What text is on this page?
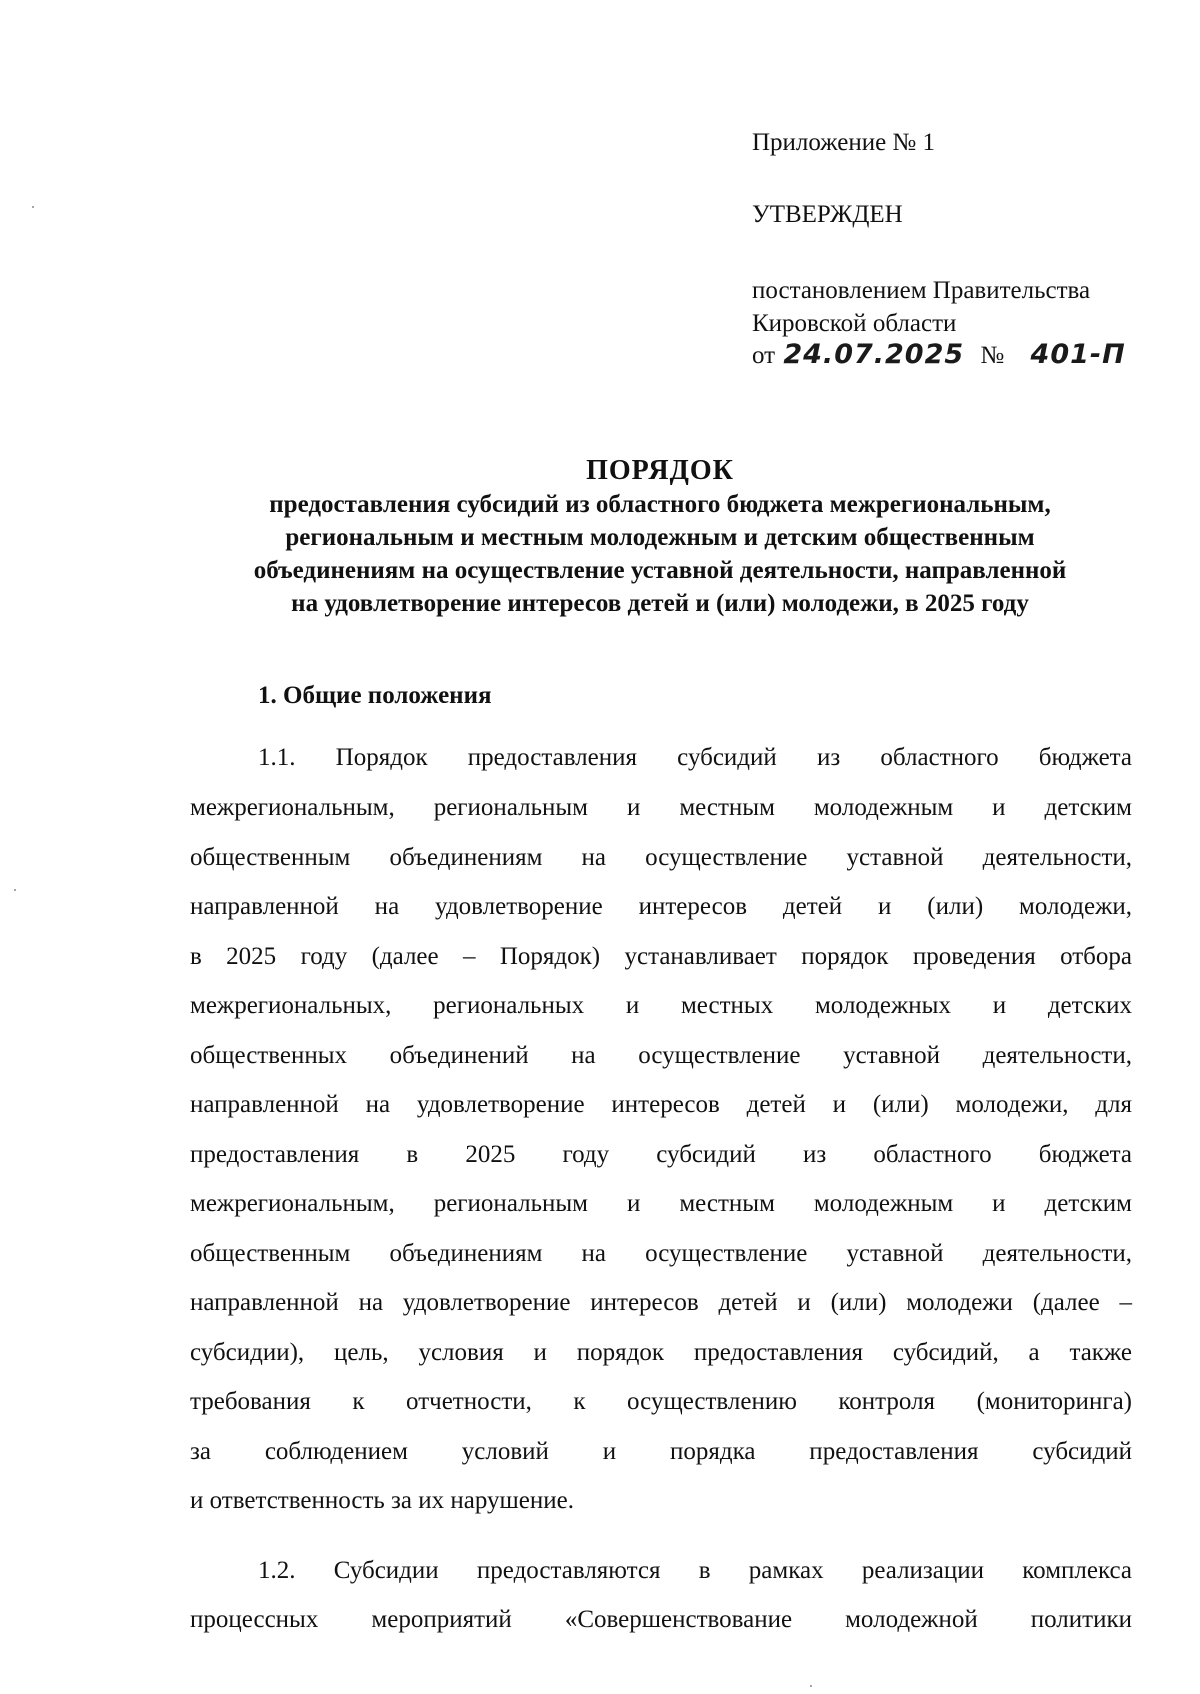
Приложение № 1
УТВЕРЖДЕН
постановлением Правительства
Кировской области
от 24.07.2025 № 401-П
ПОРЯДОК
предоставления субсидий из областного бюджета межрегиональным,
региональным и местным молодежным и детским общественным
объединениям на осуществление уставной деятельности, направленной
на удовлетворение интересов детей и (или) молодежи, в 2025 году
1. Общие положения
1.1. Порядок предоставления субсидий из областного бюджета
межрегиональным, региональным и местным молодежным и детским
общественным объединениям на осуществление уставной деятельности,
направленной на удовлетворение интересов детей и (или) молодежи,
в 2025 году (далее – Порядок) устанавливает порядок проведения отбора
межрегиональных, региональных и местных молодежных и детских
общественных объединений на осуществление уставной деятельности,
направленной на удовлетворение интересов детей и (или) молодежи, для
предоставления в 2025 году субсидий из областного бюджета
межрегиональным, региональным и местным молодежным и детским
общественным объединениям на осуществление уставной деятельности,
направленной на удовлетворение интересов детей и (или) молодежи (далее –
субсидии), цель, условия и порядок предоставления субсидий, а также
требования к отчетности, к осуществлению контроля (мониторинга)
за соблюдением условий и порядка предоставления субсидий
и ответственность за их нарушение.
1.2. Субсидии предоставляются в рамках реализации комплекса
процессных мероприятий «Совершенствование молодежной политики
